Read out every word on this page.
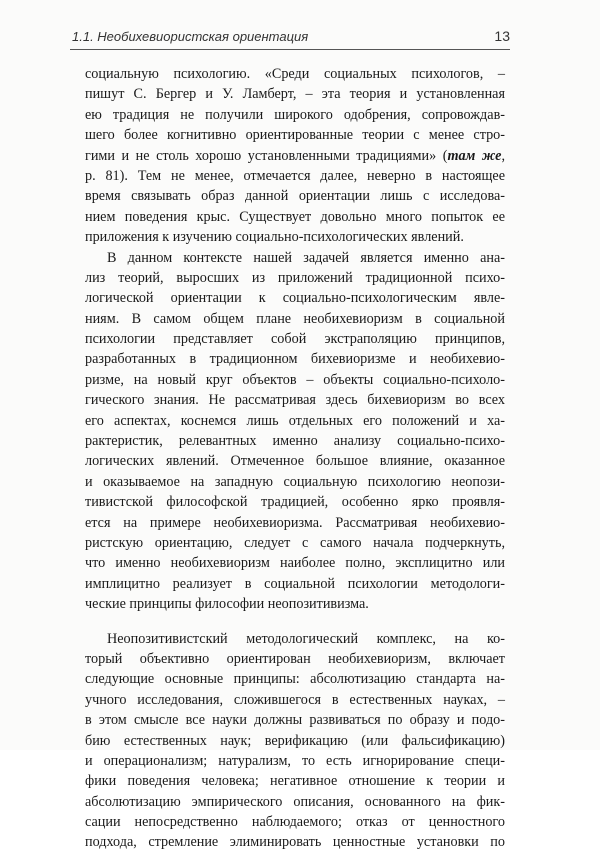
1.1. Необихевиористская ориентация	13
социальную психологию. «Среди социальных психологов, –
пишут С. Бергер и У. Ламберт, – эта теория и установленная
ею традиция не получили широкого одобрения, сопровождав-
шего более когнитивно ориентированные теории с менее стро-
гими и не столь хорошо установленными традициями» (тaм же,
р. 81). Тем не менее, отмечается далее, неверно в настоящее
время связывать образ данной ориентации лишь с исследова-
нием поведения крыс. Существует довольно много попыток ее
приложения к изучению социально-психологических явлений.
В данном контексте нашей задачей является именно ана-
лиз теорий, выросших из приложений традиционной психо-
логической ориентации к социально-психологическим явле-
ниям. В самом общем плане необихевиоризм в социальной
психологии представляет собой экстраполяцию принципов,
разработанных в традиционном бихевиоризме и необихевио-
ризме, на новый круг объектов – объекты социально-психоло-
гического знания. Не рассматривая здесь бихевиоризм во всех
его аспектах, коснемся лишь отдельных его положений и ха-
рактеристик, релевантных именно анализу социально-психо-
логических явлений. Отмеченное большое влияние, оказанное
и оказываемое на западную социальную психологию неопози-
тивистской философской традицией, особенно ярко проявля-
ется на примере необихевиоризма. Рассматривая необихевио-
ристскую ориентацию, следует с самого начала подчеркнуть,
что именно необихевиоризм наиболее полно, эксплицитно или
имплицитно реализует в социальной психологии методологи-
ческие принципы философии неопозитивизма.
Неопозитивистский методологический комплекс, на ко-
торый объективно ориентирован необихевиоризм, включает
следующие основные принципы: абсолютизацию стандарта на-
учного исследования, сложившегося в естественных науках, –
в этом смысле все науки должны развиваться по образу и подо-
бию естественных наук; верификацию (или фальсификацию)
и операционализм; натурализм, то есть игнорирование специ-
фики поведения человека; негативное отношение к теории и
абсолютизацию эмпирического описания, основанного на фик-
сации непосредственно наблюдаемого; отказ от ценностного
подхода, стремление элиминировать ценностные установки по
